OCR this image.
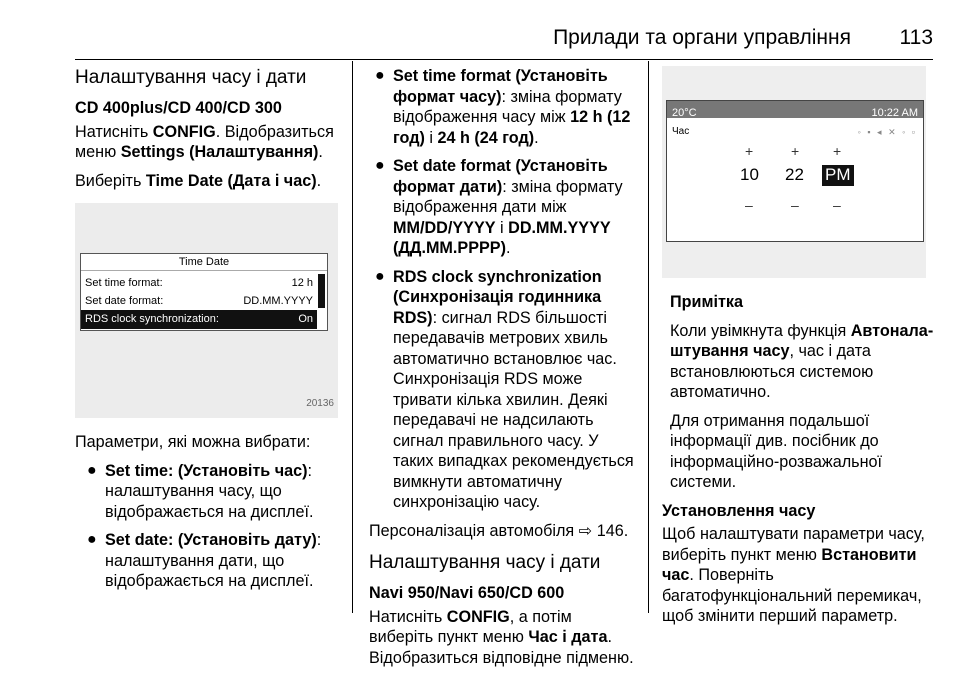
Прилади та органи управління 113
Налаштування часу і дати
CD 400plus/CD 400/CD 300

Натисніть CONFIG. Відобразиться меню Settings (Налаштування).

Виберіть Time Date (Дата і час).

Time Date
Set time format:	12 h
Set date format:	DD.MM.YYYY
RDS clock synchronization:	On
20136

Параметри, які можна вибрати:

● Set time: (Установіть час): налаштування часу, що відображається на дисплеї.
● Set date: (Установіть дату): налаштування дати, що відображається на дисплеї.
● Set time format (Установіть формат часу): зміна формату відображення часу між 12 h (12 год) і 24 h (24 год).
● Set date format (Установіть формат дати): зміна формату відображення дати між MM/DD/YYYY і DD.MM.YYYY (ДД.ММ.РРРР).
● RDS clock synchronization (Синхронізація годинника RDS): сигнал RDS більшості передавачів метрових хвиль автоматично встановлює час. Синхронізація RDS може тривати кілька хвилин. Деякі передавачі не надсилають сигнал правильного часу. У таких випадках рекомендується вимкнути автоматичну синхронізацію часу.

Персоналізація автомобіля ⇨ 146.

Налаштування часу і дати
Navi 950/Navi 650/CD 600

Натисніть CONFIG, а потім виберіть пункт меню Час і дата. Відобразиться відповідне підменю.

20°C	10:22 AM
Час	◦ ▪ ◂ ✕ ◦ ▫
+	+ +
10 22 PM
–	– –

Примітка

Коли увімкнута функція Автонала-штування часу, час і дата встановлюються системою автоматично.

Для отримання подальшої інформації див. посібник до інформаційно-розважальної системи.

Установлення часу

Щоб налаштувати параметри часу, виберіть пункт меню Встановити час. Поверніть багатофункціональний перемикач, щоб змінити перший параметр.
